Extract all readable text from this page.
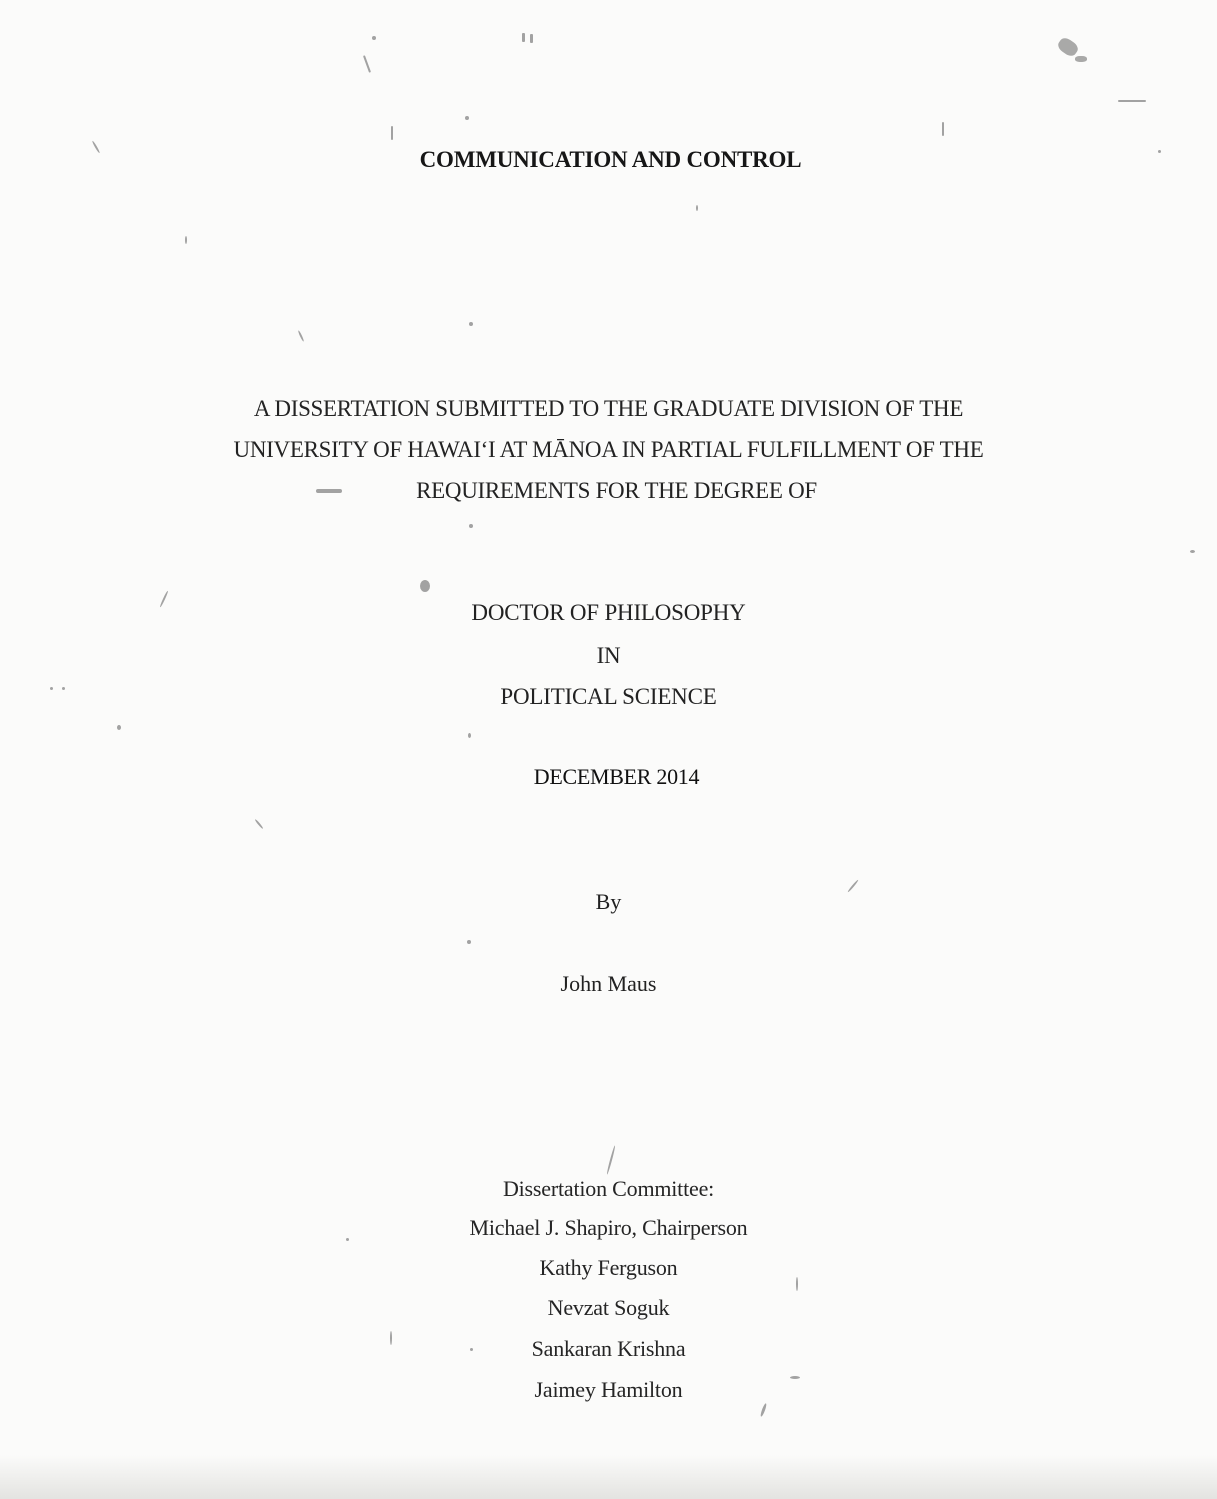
COMMUNICATION AND CONTROL
A DISSERTATION SUBMITTED TO THE GRADUATE DIVISION OF THE
UNIVERSITY OF HAWAIʻI AT MĀNOA IN PARTIAL FULFILLMENT OF THE
REQUIREMENTS FOR THE DEGREE OF
DOCTOR OF PHILOSOPHY
IN
POLITICAL SCIENCE
DECEMBER 2014
By
John Maus
Dissertation Committee:
Michael J. Shapiro, Chairperson
Kathy Ferguson
Nevzat Soguk
Sankaran Krishna
Jaimey Hamilton
